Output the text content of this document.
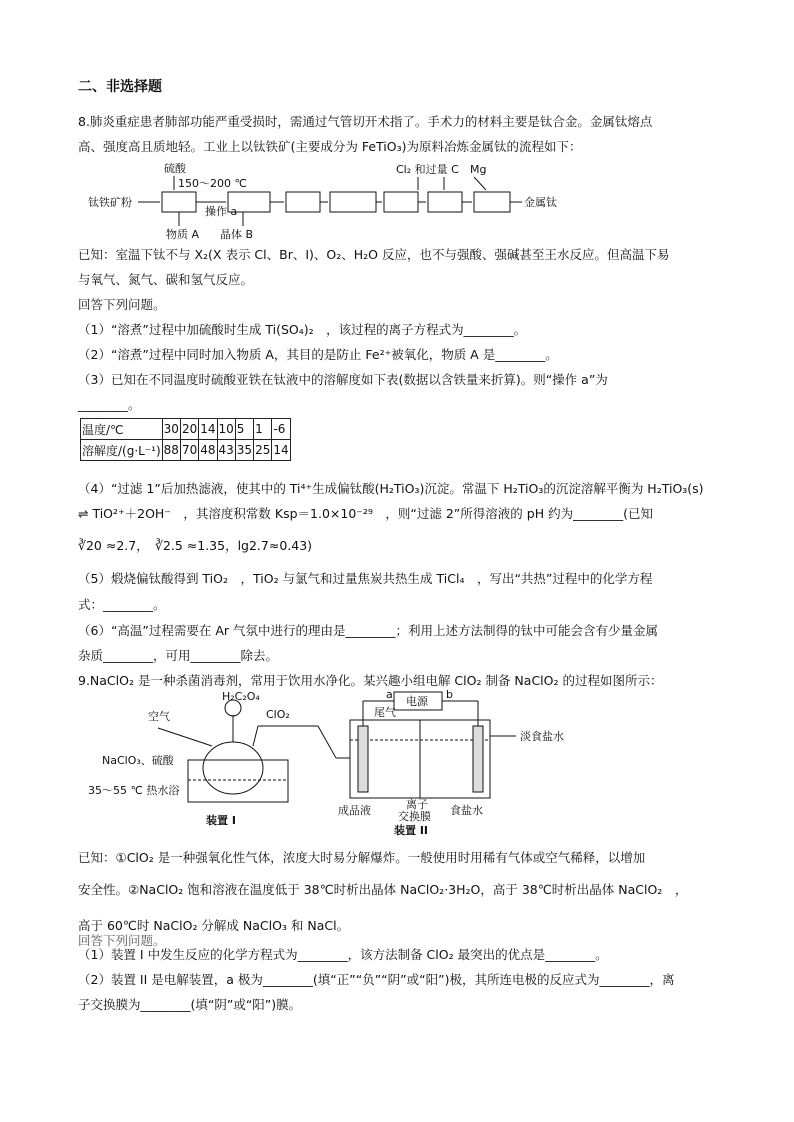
二、非选择题
8.肺炎重症患者肺部功能严重受损时，需通过气管切开术指了。手术力的材料主要是钛合金。金属钛熔点
高、强度高且质地轻。工业上以钛铁矿(主要成分为 FeTiO₃)为原料冶炼金属钛的流程如下：
硫酸
150～200 ℃
Cl₂ 和过量 C Mg
钛铁矿粉
物质 A
操作 a
晶体 B
金属钛
已知：室温下钛不与 X₂(X 表示 Cl、Br、I)、O₂、H₂O 反应，也不与强酸、强碱甚至王水反应。但高温下易
与氧气、氮气、碳和氢气反应。
回答下列问题。
（1）“溶煮”过程中加硫酸时生成 Ti(SO₄)₂　，该过程的离子方程式为________。
（2）“溶煮”过程中同时加入物质 A，其目的是防止 Fe²⁺被氧化，物质 A 是________。
（3）已知在不同温度时硫酸亚铁在钛液中的溶解度如下表(数据以含铁量来折算)。则“操作 a”为
________。
温度/℃	30	20	14	10	5	1	-6
溶解度/(g·L⁻¹)	88	70	48	43	35	25	14
（4）“过滤 1”后加热滤液，使其中的 Ti⁴⁺生成偏钛酸(H₂TiO₃)沉淀。常温下 H₂TiO₃的沉淀溶解平衡为 H₂TiO₃(s)
⇌ TiO²⁺＋2OH⁻　，其溶度积常数 Ksp＝1.0×10⁻²⁹　，则“过滤 2”所得溶液的 pH 约为________(已知
∛20 ≈2.7，　∛2.5 ≈1.35，lg2.7≈0.43)
（5）煅烧偏钛酸得到 TiO₂　，TiO₂ 与氯气和过量焦炭共热生成 TiCl₄　，写出“共热”过程中的化学方程
式：________。
（6）“高温”过程需要在 Ar 气氛中进行的理由是________；利用上述方法制得的钛中可能会含有少量金属
杂质________，可用________除去。
9.NaClO₂ 是一种杀菌消毒剂，常用于饮用水净化。某兴趣小组电解 ClO₂ 制备 NaClO₂ 的过程如图所示：
H₂C₂O₄
空气	ClO₂
NaClO₃、硫酸
35～55 ℃ 热水浴
装置 I
a	b
电源
尾气
淡食盐水
成品液	离子
交换膜 食盐水
装置 II
已知：①ClO₂ 是一种强氧化性气体，浓度大时易分解爆炸。一般使用时用稀有气体或空气稀释，以增加
安全性。②NaClO₂ 饱和溶液在温度低于 38℃时析出晶体 NaClO₂·3H₂O，高于 38℃时析出晶体 NaClO₂　，
高于 60℃时 NaClO₂ 分解成 NaClO₃ 和 NaCl。
回答下列问题。
（1）装置 I 中发生反应的化学方程式为________，该方法制备 ClO₂ 最突出的优点是________。
（2）装置 II 是电解装置，a 极为________(填“正”“负”“阴”或“阳”)极，其所连电极的反应式为________，离
子交换膜为________(填“阴”或“阳”)膜。
